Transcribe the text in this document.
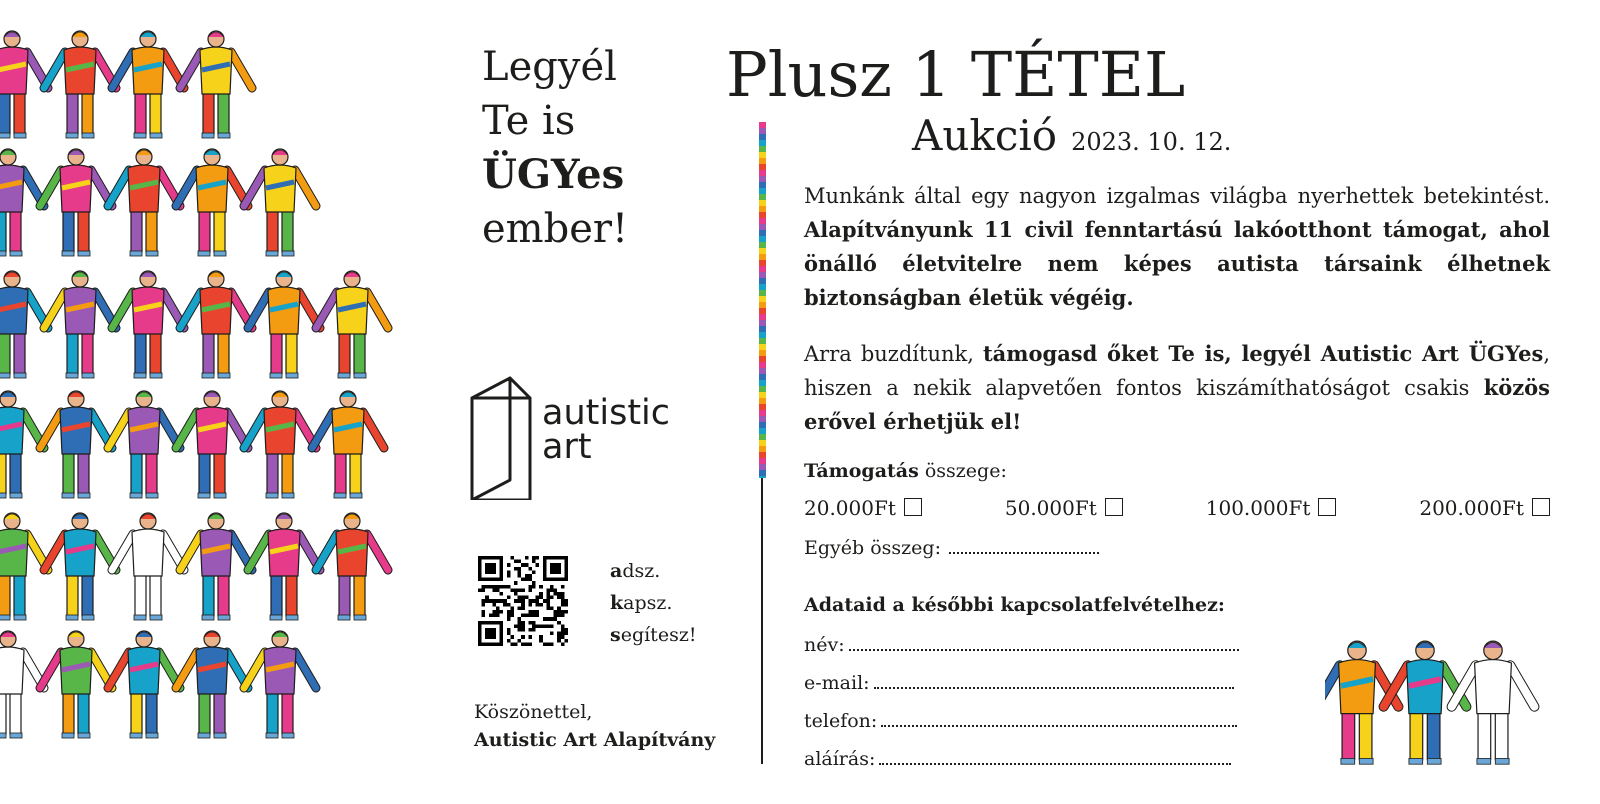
Legyél
Te is
ÜGYes
ember!
autistic
art
adsz.
kapsz.
segítesz!
Köszönettel,
Autistic Art Alapítvány
Plusz 1 TÉTEL
Aukció 2023. 10. 12.
Munkánk által egy nagyon izgalmas világba nyerhettek betekintést. Alapítványunk 11 civil fenntartású lakóotthont támogat, ahol önálló életvitelre nem képes autista társaink élhetnek biztonságban életük végéig.
Arra buzdítunk, támogasd őket Te is, legyél Autistic Art ÜGYes, hiszen a nekik alapvetően fontos kiszámíthatóságot csakis közös erővel érhetjük el!
Támogatás összege:
20.000Ft	50.000Ft	100.000Ft	200.000Ft
Egyéb összeg:
Adataid a későbbi kapcsolatfelvételhez:
név:
e-mail:
telefon:
aláírás:
